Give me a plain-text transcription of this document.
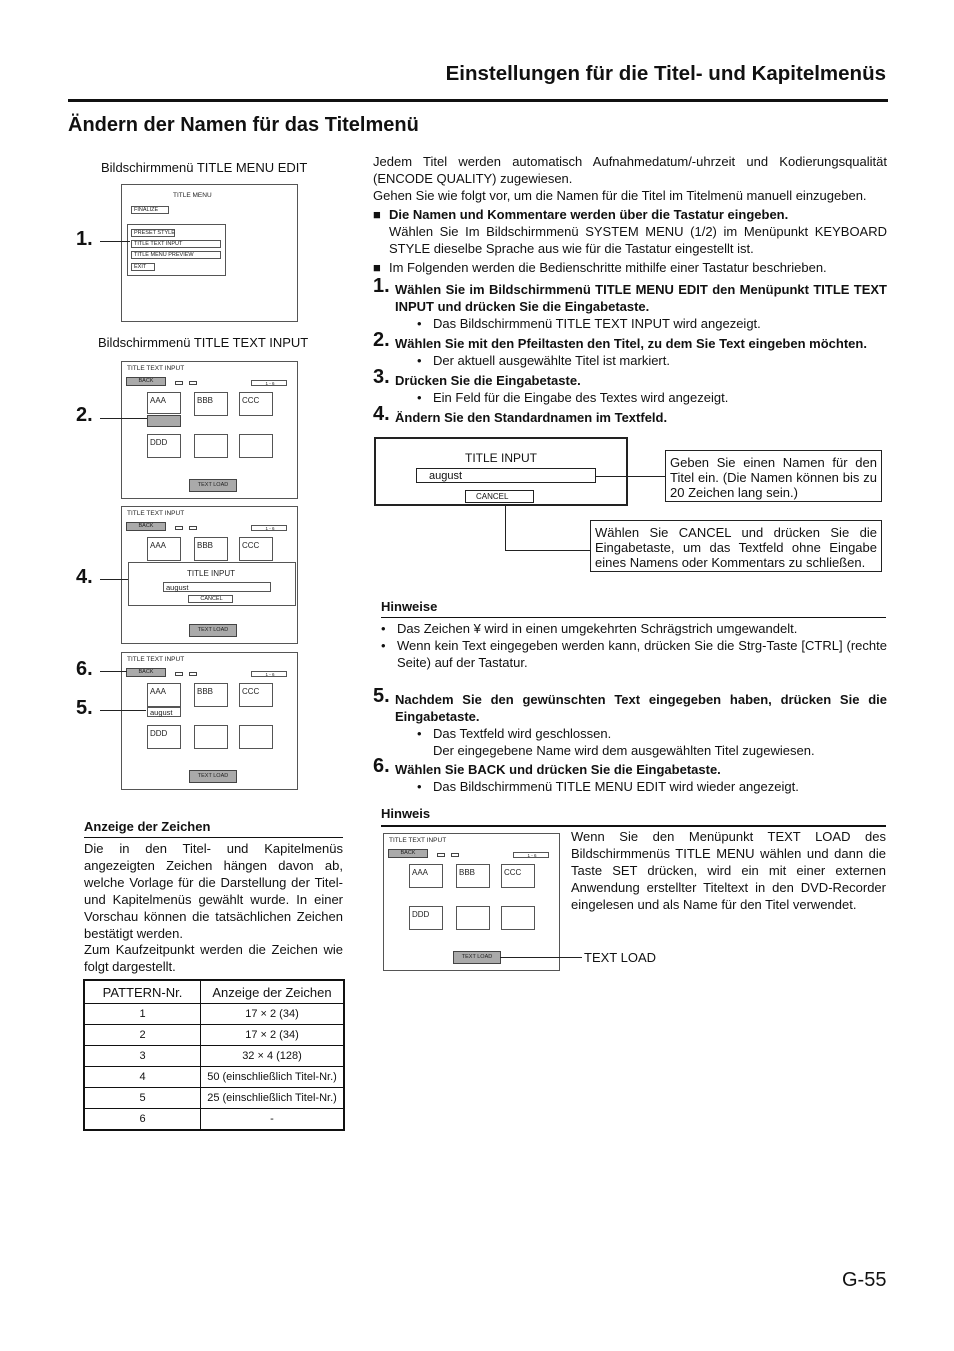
Einstellungen für die Titel- und Kapitelmenüs
Ändern der Namen für das Titelmenü
Bildschirmmenü TITLE MENU EDIT
TITLE MENU
FINALIZE
PRESET STYLE
TITLE TEXT INPUT
TITLE MENU PREVIEW
EXIT
1.
Bildschirmmenü TITLE TEXT INPUT
TITLE TEXT INPUT
BACK	1 - 6
AAA	BBB	CCC
DDD
TEXT LOAD
2.
TITLE TEXT INPUT
BACK	1 - 6
AAA	BBB	CCC
TITLE INPUT
august
CANCEL
TEXT LOAD
4.
TITLE TEXT INPUT
BACK	1 - 6
AAA
august
BBB	CCC
DDD
TEXT LOAD
6.
5.
Anzeige der Zeichen
Die in den Titel- und Kapitelmenüs angezeigten Zeichen hängen davon ab, welche Vorlage für die Darstellung der Titel- und Kapitelmenüs gewählt wurde. In einer Vorschau können die tatsächlichen Zeichen bestätigt werden.
Zum Kaufzeitpunkt werden die Zeichen wie folgt dargestellt.
PATTERN-Nr.	Anzeige der Zeichen
1	17 × 2 (34)
2	17 × 2 (34)
3	32 × 4 (128)
4	50 (einschließlich Titel-Nr.)
5	25 (einschließlich Titel-Nr.)
6	-
Jedem Titel werden automatisch Aufnahmedatum/-uhrzeit und Kodierungsqualität (ENCODE QUALITY) zugewiesen.
Gehen Sie wie folgt vor, um die Namen für die Titel im Titelmenü manuell einzugeben.
■ Die Namen und Kommentare werden über die Tastatur eingeben.
Wählen Sie Im Bildschirmmenü SYSTEM MENU (1/2) im Menüpunkt KEYBOARD STYLE dieselbe Sprache aus wie für die Tastatur eingestellt ist.
■ Im Folgenden werden die Bedienschritte mithilfe einer Tastatur beschrieben.
1. Wählen Sie im Bildschirmmenü TITLE MENU EDIT den Menüpunkt TITLE TEXT INPUT und drücken Sie die Eingabetaste.
• Das Bildschirmmenü TITLE TEXT INPUT wird angezeigt.
2. Wählen Sie mit den Pfeiltasten den Titel, zu dem Sie Text eingeben möchten.
• Der aktuell ausgewählte Titel ist markiert.
3. Drücken Sie die Eingabetaste.
• Ein Feld für die Eingabe des Textes wird angezeigt.
4. Ändern Sie den Standardnamen im Textfeld.
TITLE INPUT
august
CANCEL
Geben Sie einen Namen für den Titel ein. (Die Namen können bis zu 20 Zeichen lang sein.)
Wählen Sie CANCEL und drücken Sie die Eingabetaste, um das Textfeld ohne Eingabe eines Namens oder Kommentars zu schließen.
Hinweise
• Das Zeichen ¥ wird in einen umgekehrten Schrägstrich umgewandelt.
• Wenn kein Text eingegeben werden kann, drücken Sie die Strg-Taste [CTRL] (rechte Seite) auf der Tastatur.
5. Nachdem Sie den gewünschten Text eingegeben haben, drücken Sie die Eingabetaste.
• Das Textfeld wird geschlossen.
Der eingegebene Name wird dem ausgewählten Titel zugewiesen.
6. Wählen Sie BACK und drücken Sie die Eingabetaste.
• Das Bildschirmmenü TITLE MENU EDIT wird wieder angezeigt.
Hinweis
TITLE TEXT INPUT
BACK	1 - 6
AAA	BBB	CCC
DDD
TEXT LOAD	TEXT LOAD
Wenn Sie den Menüpunkt TEXT LOAD des Bildschirmmenüs TITLE MENU wählen und dann die Taste SET drücken, wird ein mit einer externen Anwendung erstellter Titeltext in den DVD-Recorder eingelesen und als Name für den Titel verwendet.
G-55
